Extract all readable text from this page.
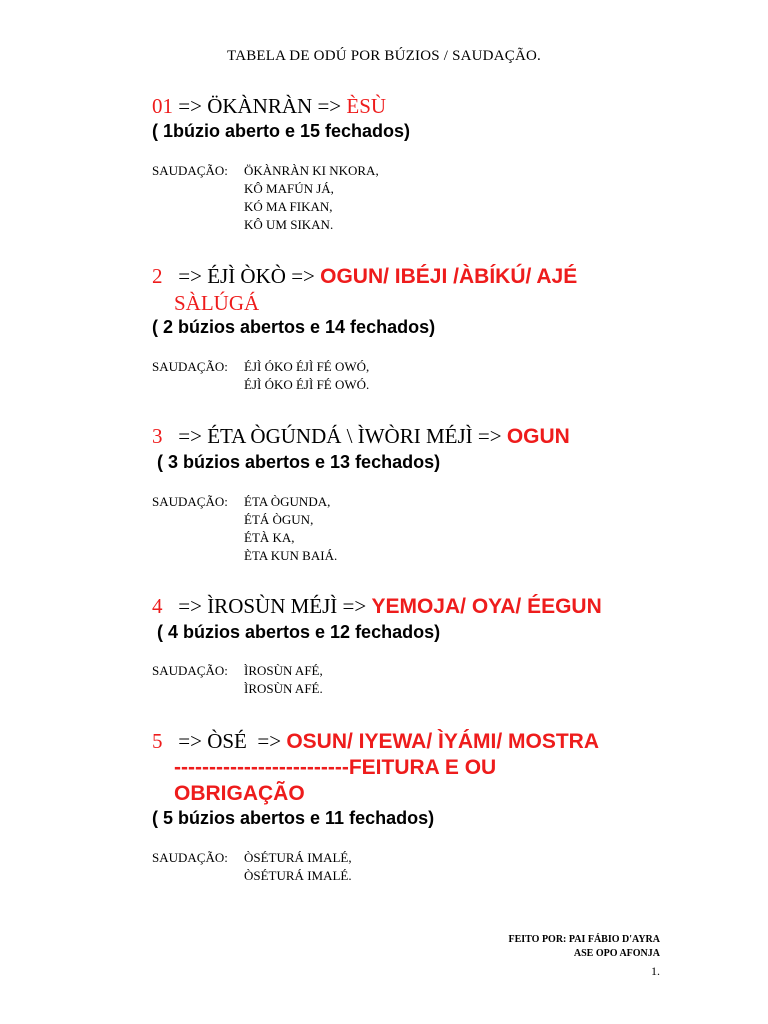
TABELA DE ODÚ POR BÚZIOS / SAUDAÇÃO.
01 => ÖKÀNRÀN => ÈSÙ
( 1búzio aberto e 15 fechados)
SAUDAÇÃO: ÖKÀNRÀN KI NKORA,
KÔ MAFÚN JÁ,
KÓ MA FIKAN,
KÔ UM SIKAN.
2   => ÉJÌ ÒKÒ => OGUN/ IBÉJI /ÀBÍKÚ/ AJÉ
SÀLÚGÁ
( 2 búzios abertos e 14 fechados)
SAUDAÇÃO: ÉJÌ ÓKO ÉJÌ FÉ OWÓ,
ÉJÌ ÓKO ÉJÌ FÉ OWÓ.
3   => ÉTA ÒGÚNDÁ \ ÌWÒRI MÉJÌ => OGUN
( 3 búzios abertos e 13 fechados)
SAUDAÇÃO: ÉTA ÒGUNDA,
ÉTÁ ÒGUN,
ÉTÀ KA,
ÈTA KUN BAIÁ.
4   => ÌROSÙN MÉJÌ => YEMOJA/ OYA/ ÉEGUN
( 4 búzios abertos e 12 fechados)
SAUDAÇÃO: ÌROSÙN AFÉ,
ÌROSÙN AFÉ.
5   => ÒSÉ  => OSUN/ IYEWA/ ÌYÁMI/ MOSTRA
-------------------------FEITURA E OU
OBRIGAÇÃO
( 5 búzios abertos e 11 fechados)
SAUDAÇÃO: ÒSÉTURÁ IMALÉ,
ÒSÉTURÁ IMALÉ.
FEITO POR: PAI FÁBIO D'AYRA
ASE OPO AFONJA
1.
